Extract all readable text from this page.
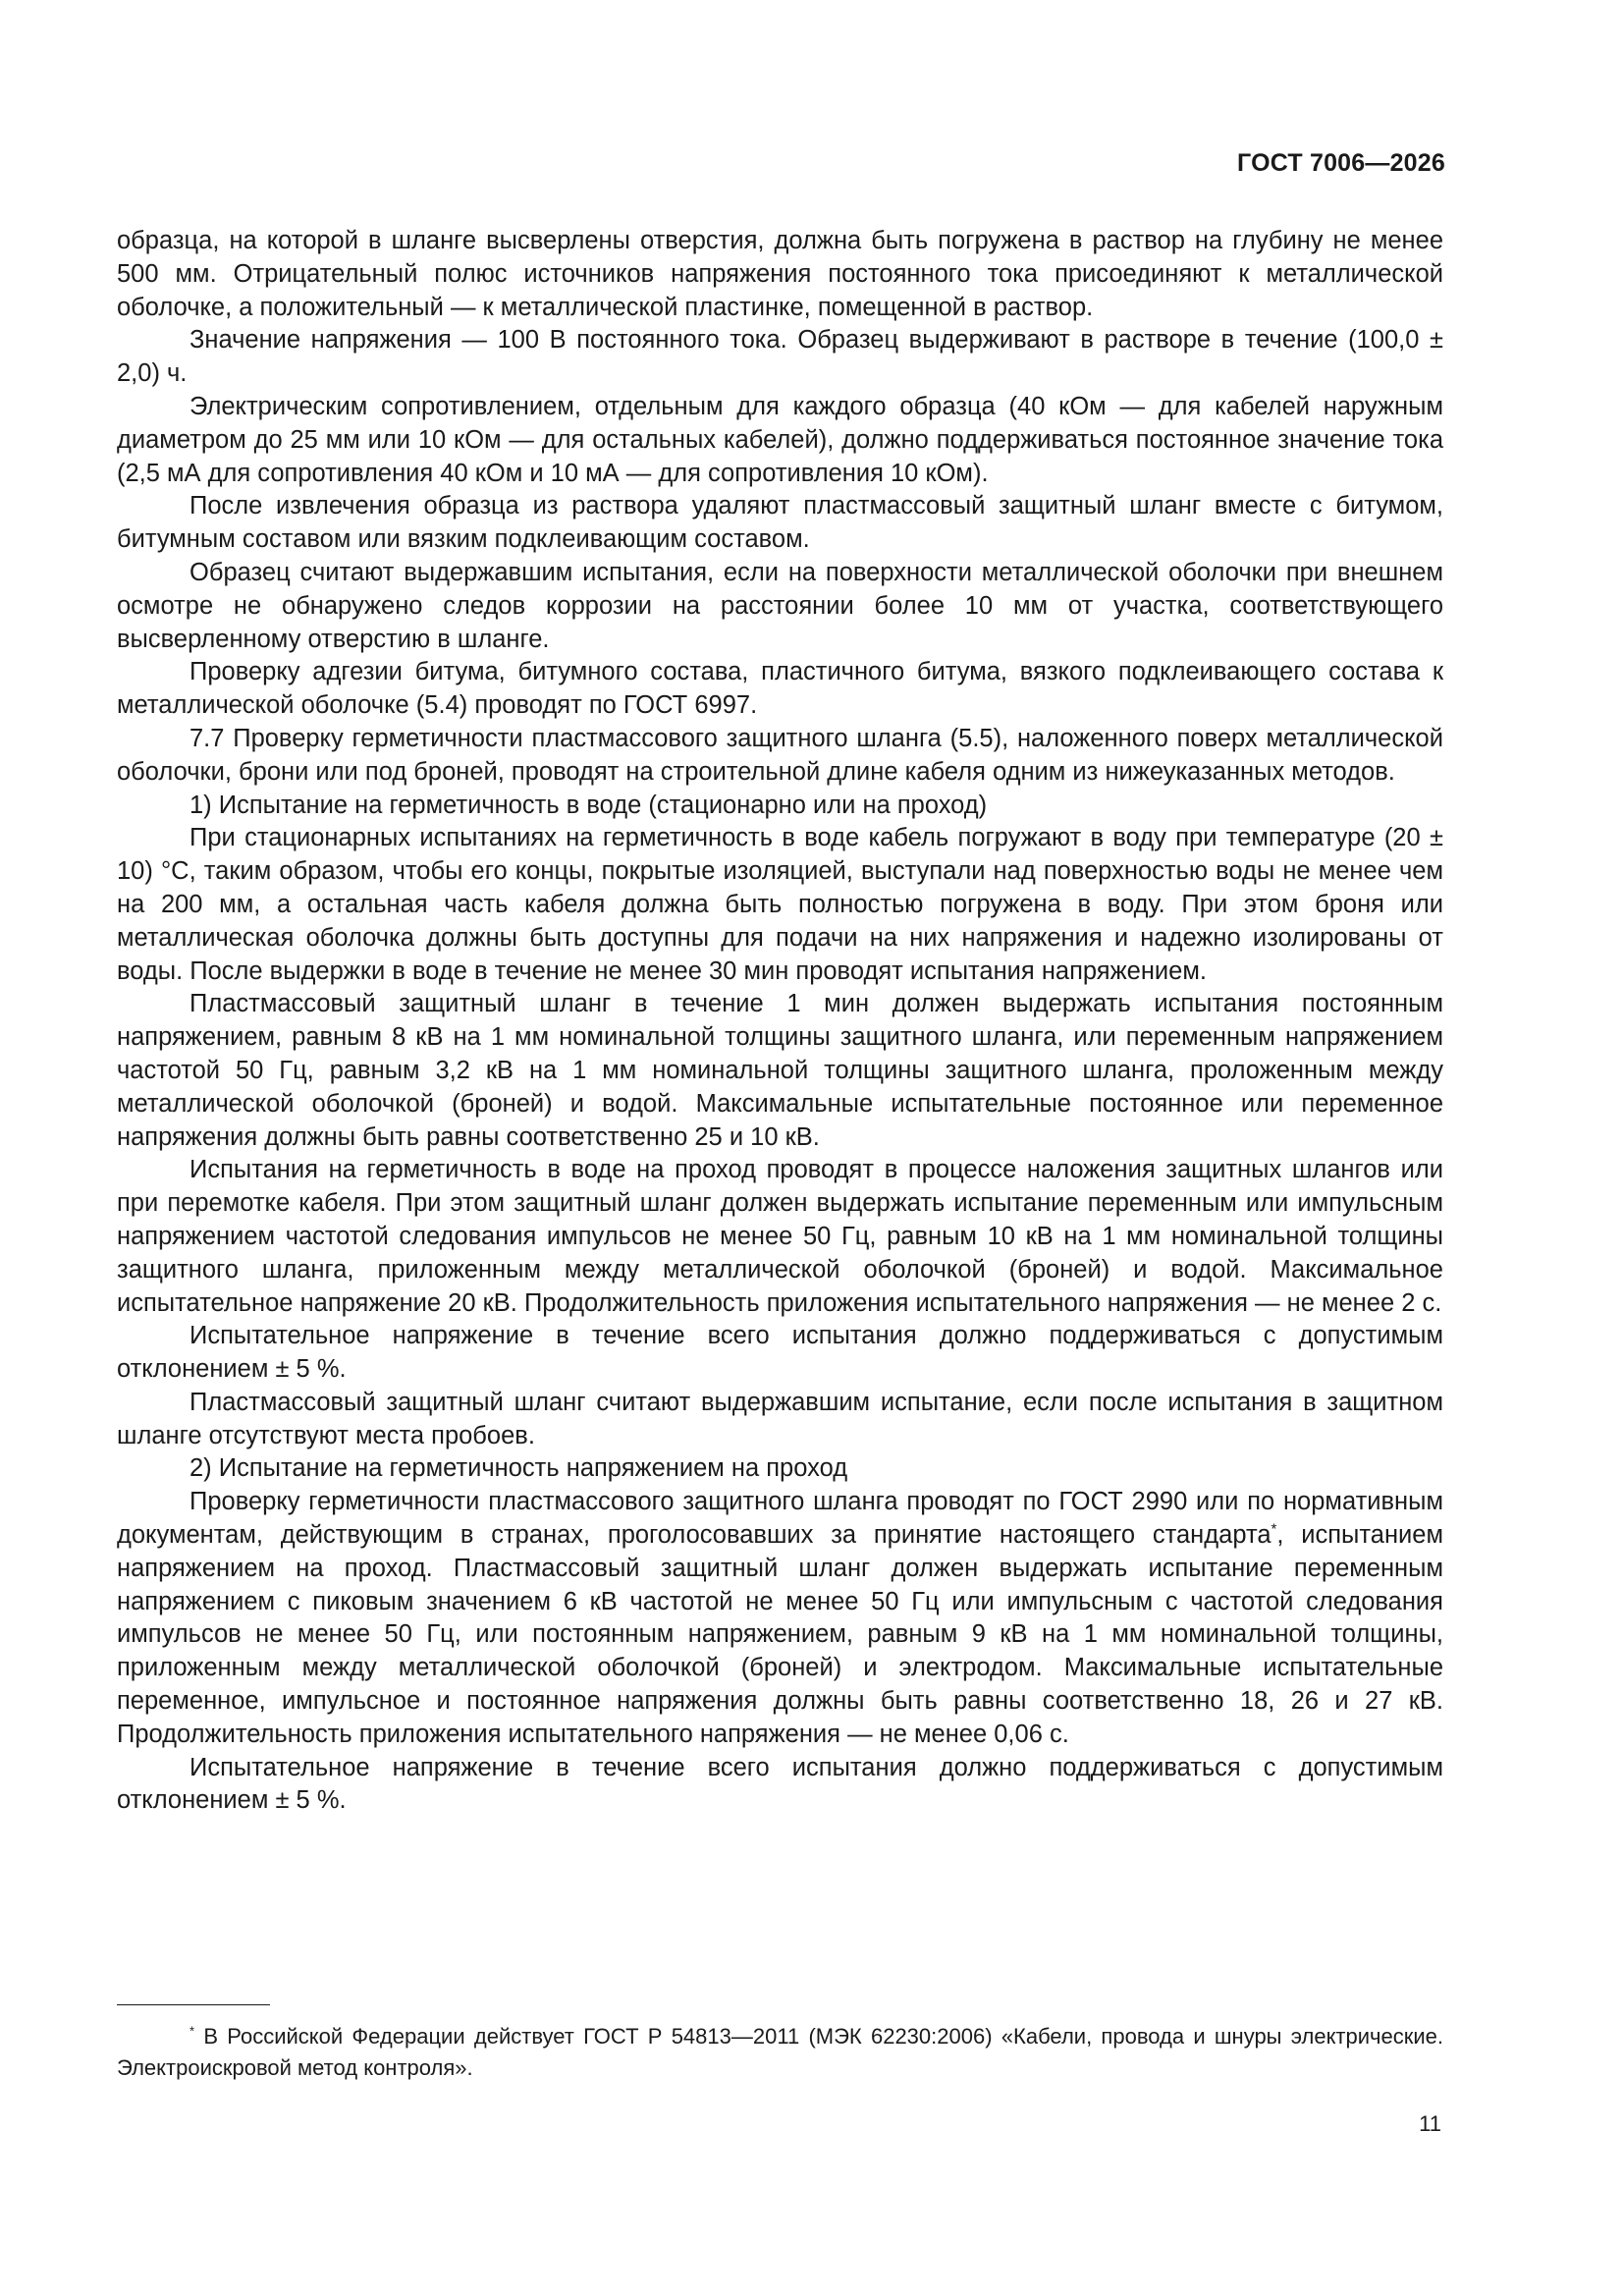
ГОСТ 7006—2026

образца, на которой в шланге высверлены отверстия, должна быть погружена в раствор на глубину не менее 500 мм. Отрицательный полюс источников напряжения постоянного тока присоединяют к металлической оболочке, а положительный — к металлической пластинке, помещенной в раствор.

Значение напряжения — 100 В постоянного тока. Образец выдерживают в растворе в течение (100,0 ± 2,0) ч.

Электрическим сопротивлением, отдельным для каждого образца (40 кОм — для кабелей наружным диаметром до 25 мм или 10 кОм — для остальных кабелей), должно поддерживаться постоянное значение тока (2,5 мА для сопротивления 40 кОм и 10 мА — для сопротивления 10 кОм).

После извлечения образца из раствора удаляют пластмассовый защитный шланг вместе с битумом, битумным составом или вязким подклеивающим составом.

Образец считают выдержавшим испытания, если на поверхности металлической оболочки при внешнем осмотре не обнаружено следов коррозии на расстоянии более 10 мм от участка, соответствующего высверленному отверстию в шланге.

Проверку адгезии битума, битумного состава, пластичного битума, вязкого подклеивающего состава к металлической оболочке (5.4) проводят по ГОСТ 6997.

7.7 Проверку герметичности пластмассового защитного шланга (5.5), наложенного поверх металлической оболочки, брони или под броней, проводят на строительной длине кабеля одним из нижеуказанных методов.

1) Испытание на герметичность в воде (стационарно или на проход)

При стационарных испытаниях на герметичность в воде кабель погружают в воду при температуре (20 ± 10) °С, таким образом, чтобы его концы, покрытые изоляцией, выступали над поверхностью воды не менее чем на 200 мм, а остальная часть кабеля должна быть полностью погружена в воду. При этом броня или металлическая оболочка должны быть доступны для подачи на них напряжения и надежно изолированы от воды. После выдержки в воде в течение не менее 30 мин проводят испытания напряжением.

Пластмассовый защитный шланг в течение 1 мин должен выдержать испытания постоянным напряжением, равным 8 кВ на 1 мм номинальной толщины защитного шланга, или переменным напряжением частотой 50 Гц, равным 3,2 кВ на 1 мм номинальной толщины защитного шланга, проложенным между металлической оболочкой (броней) и водой. Максимальные испытательные постоянное или переменное напряжения должны быть равны соответственно 25 и 10 кВ.

Испытания на герметичность в воде на проход проводят в процессе наложения защитных шлангов или при перемотке кабеля. При этом защитный шланг должен выдержать испытание переменным или импульсным напряжением частотой следования импульсов не менее 50 Гц, равным 10 кВ на 1 мм номинальной толщины защитного шланга, приложенным между металлической оболочкой (броней) и водой. Максимальное испытательное напряжение 20 кВ. Продолжительность приложения испытательного напряжения — не менее 2 с.

Испытательное напряжение в течение всего испытания должно поддерживаться с допустимым отклонением ± 5 %.

Пластмассовый защитный шланг считают выдержавшим испытание, если после испытания в защитном шланге отсутствуют места пробоев.

2) Испытание на герметичность напряжением на проход

Проверку герметичности пластмассового защитного шланга проводят по ГОСТ 2990 или по нормативным документам, действующим в странах, проголосовавших за принятие настоящего стандарта*, испытанием напряжением на проход. Пластмассовый защитный шланг должен выдержать испытание переменным напряжением с пиковым значением 6 кВ частотой не менее 50 Гц или импульсным с частотой следования импульсов не менее 50 Гц, или постоянным напряжением, равным 9 кВ на 1 мм номинальной толщины, приложенным между металлической оболочкой (броней) и электродом. Максимальные испытательные переменное, импульсное и постоянное напряжения должны быть равны соответственно 18, 26 и 27 кВ. Продолжительность приложения испытательного напряжения — не менее 0,06 с.

Испытательное напряжение в течение всего испытания должно поддерживаться с допустимым отклонением ± 5 %.

* В Российской Федерации действует ГОСТ Р 54813—2011 (МЭК 62230:2006) «Кабели, провода и шнуры электрические. Электроискровой метод контроля».

11
